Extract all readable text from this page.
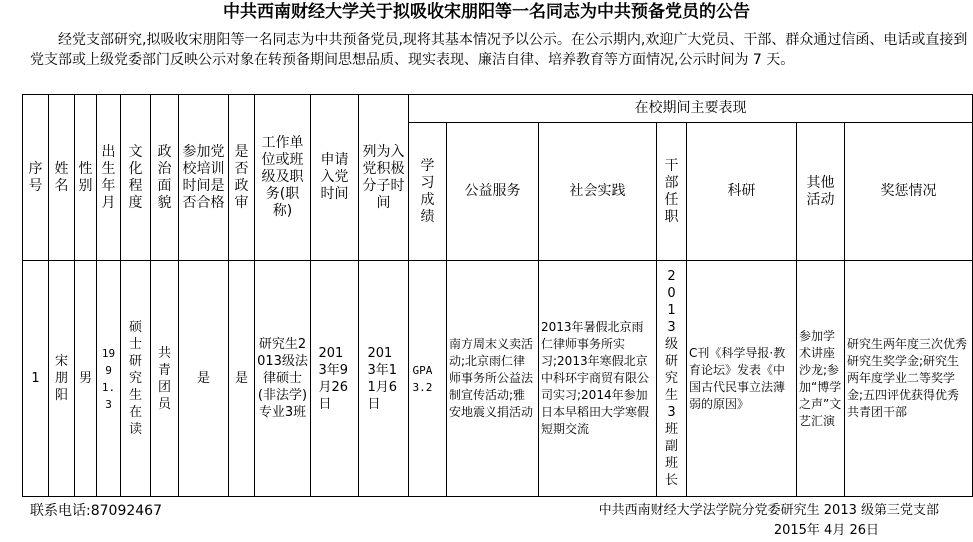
中共西南财经大学关于拟吸收宋朋阳等一名同志为中共预备党员的公告
经党支部研究,拟吸收宋朋阳等一名同志为中共预备党员,现将其基本情况予以公示。在公示期内,欢迎广大党员、干部、群众通过信函、电话或直接到党支部或上级党委部门反映公示对象在转预备期间思想品质、现实表现、廉洁自律、培养教育等方面情况,公示时间为 7 天。
序号	姓名	性别	出生年月	文化程度	政治面貌	参加党校培训时间是否合格	是否政审	工作单位或班级及职务(职称)	申请入党时间	列为入党积极分子时间	在校期间主要表现						
											学习成绩	公益服务	社会实践	干部任职	科研	其他活动	奖惩情况
1	宋朋阳	男	1991.3	硕士研究生在读	共青团员	是	是	研究生2013级法律硕士(非法学)专业3班	2013年9月26日	2013年11月6日	GPA3.2	南方周末义卖活动;北京雨仁律师事务所公益法制宣传活动;雅安地震义捐活动	2013年暑假北京雨仁律师事务所实习;2013年寒假北京中科环宇商贸有限公司实习;2014年参加日本早稻田大学寒假短期交流	2013级研究生3班副班长	C刊《科学导报·教育论坛》发表《中国古代民事立法薄弱的原因》	参加学术讲座沙龙;参加“博学之声”文艺汇演	研究生两年度三次优秀研究生奖学金;研究生两年度学业二等奖学金;五四评优获得优秀共青团干部
联系电话:87092467	中共西南财经大学法学院分党委研究生 2013 级第三党支部
2015年 4月 26日
